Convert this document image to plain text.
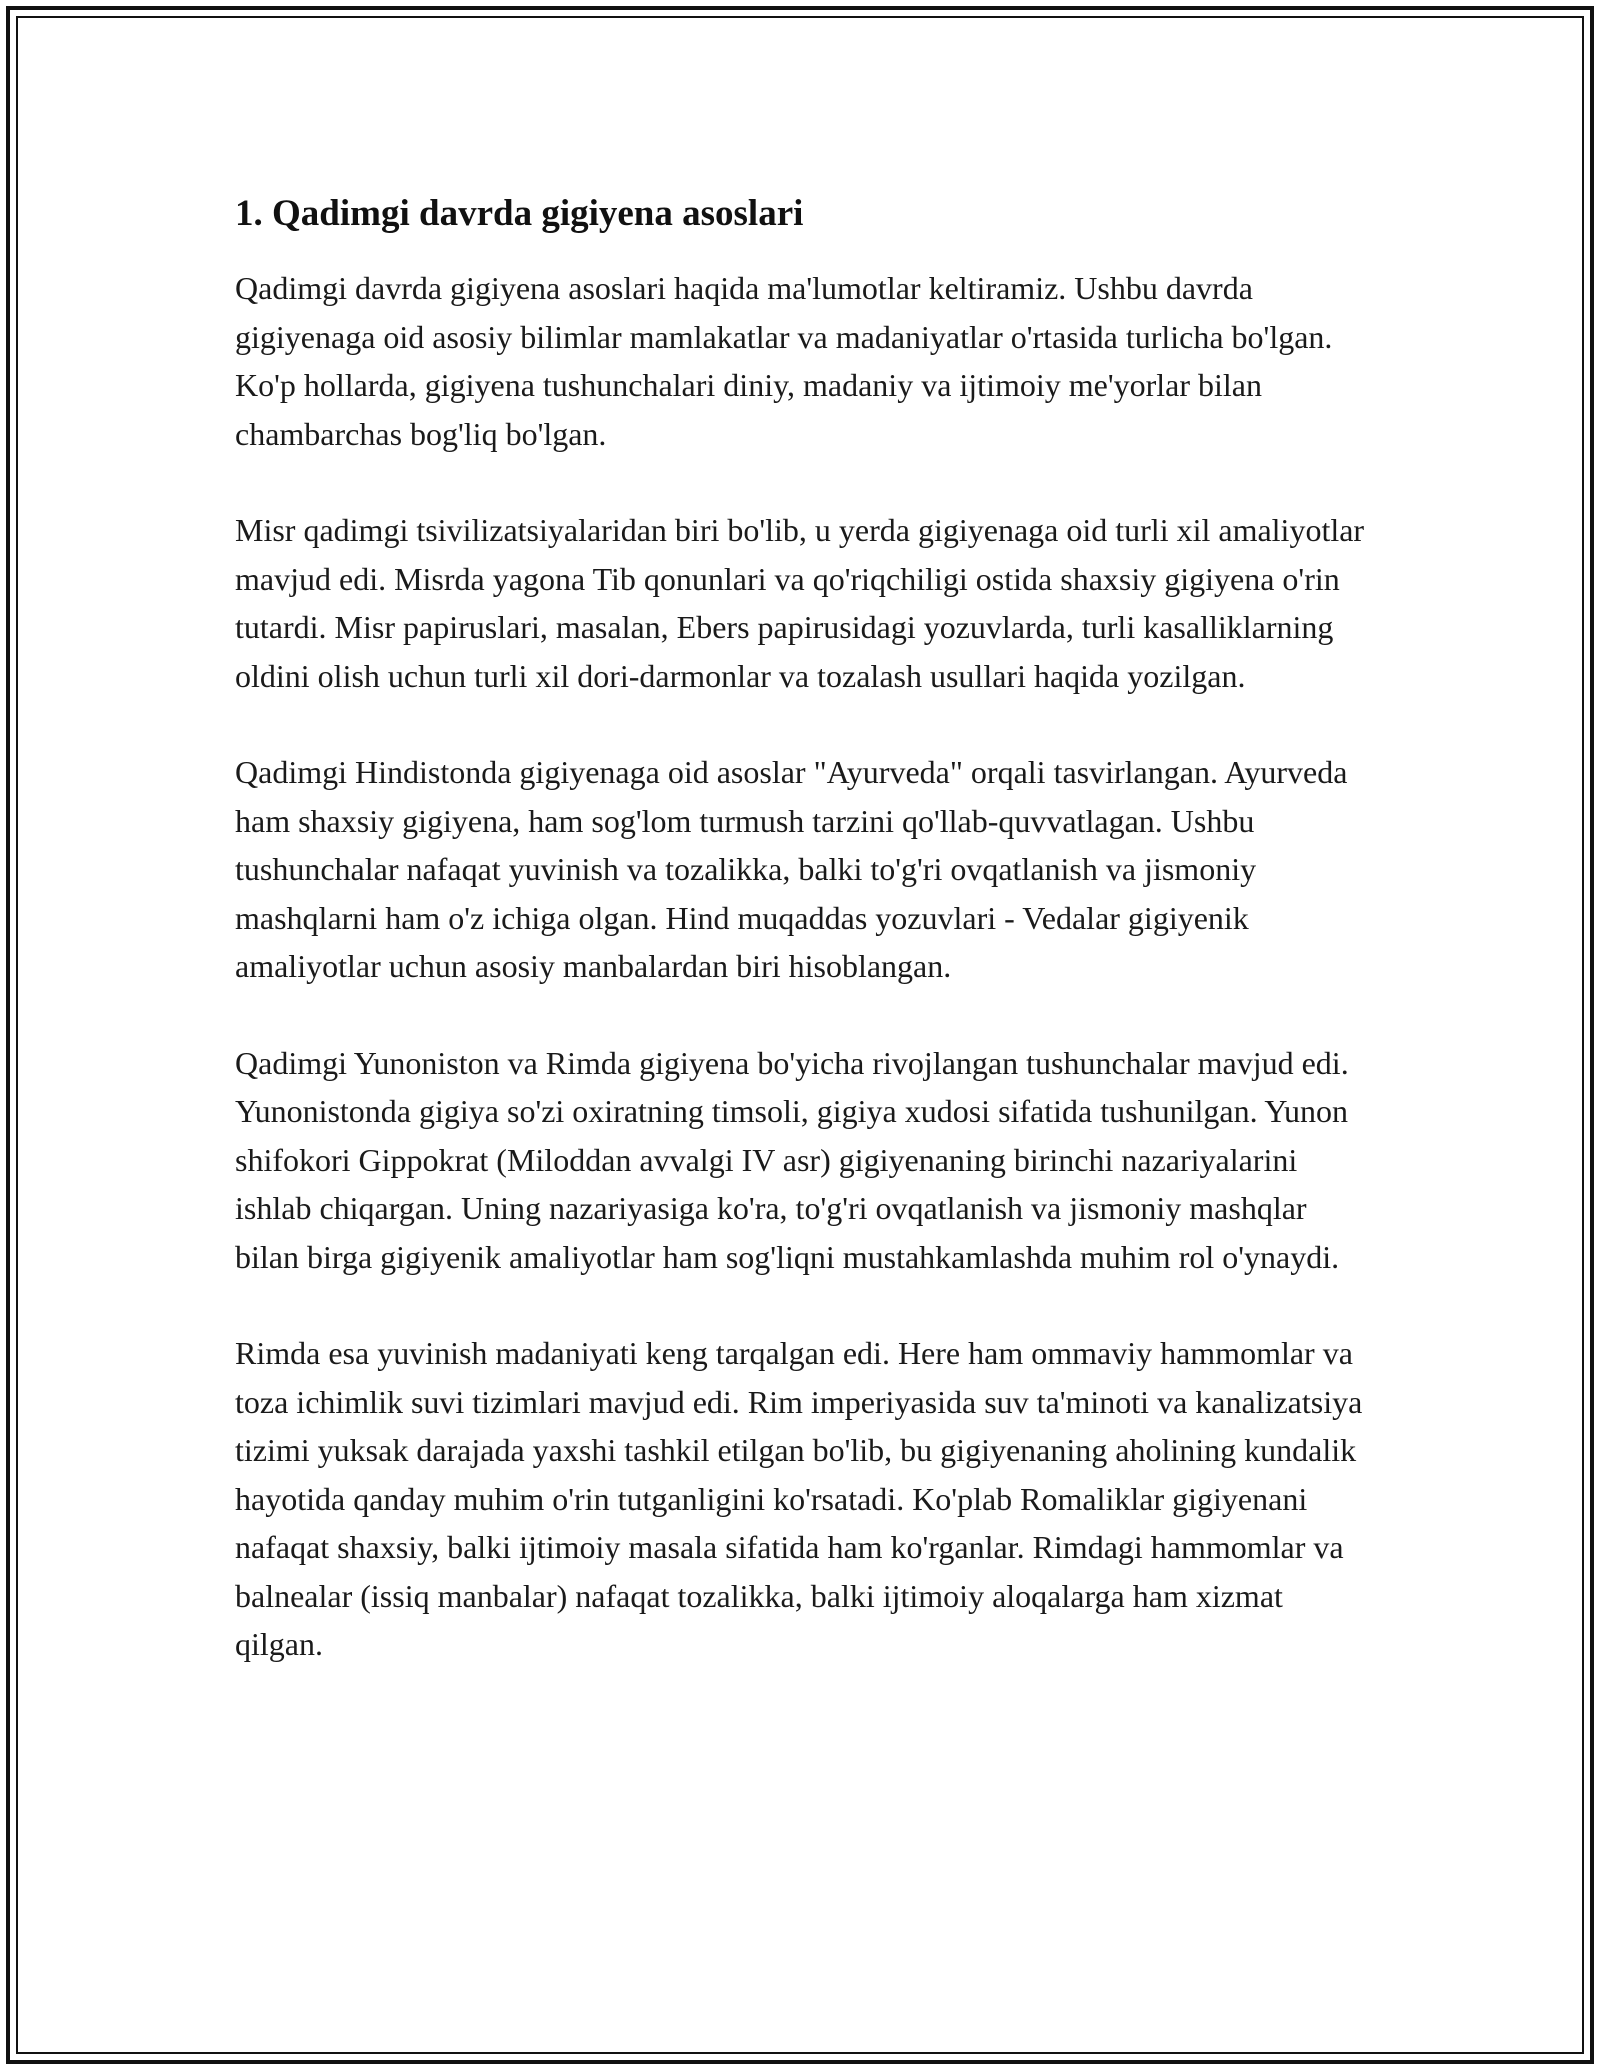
1. Qadimgi davrda gigiyena asoslari

Qadimgi davrda gigiyena asoslari haqida ma'lumotlar keltiramiz. Ushbu davrda gigiyenaga oid asosiy bilimlar mamlakatlar va madaniyatlar o'rtasida turlicha bo'lgan. Ko'p hollarda, gigiyena tushunchalari diniy, madaniy va ijtimoiy me'yorlar bilan chambarchas bog'liq bo'lgan.

Misr qadimgi tsivilizatsiyalaridan biri bo'lib, u yerda gigiyenaga oid turli xil amaliyotlar mavjud edi. Misrda yagona Tib qonunlari va qo'riqchiligi ostida shaxsiy gigiyena o'rin tutardi. Misr papiruslari, masalan, Ebers papirusidagi yozuvlarda, turli kasalliklarning oldini olish uchun turli xil dori-darmonlar va tozalash usullari haqida yozilgan.

Qadimgi Hindistonda gigiyenaga oid asoslar "Ayurveda" orqali tasvirlangan. Ayurveda ham shaxsiy gigiyena, ham sog'lom turmush tarzini qo'llab-quvvatlagan. Ushbu tushunchalar nafaqat yuvinish va tozalikka, balki to'g'ri ovqatlanish va jismoniy mashqlarni ham o'z ichiga olgan. Hind muqaddas yozuvlari - Vedalar gigiyenik amaliyotlar uchun asosiy manbalardan biri hisoblangan.

Qadimgi Yunoniston va Rimda gigiyena bo'yicha rivojlangan tushunchalar mavjud edi. Yunonistonda gigiya so'zi oxiratning timsoli, gigiya xudosi sifatida tushunilgan. Yunon shifokori Gippokrat (Miloddan avvalgi IV asr) gigiyenaning birinchi nazariyalarini ishlab chiqargan. Uning nazariyasiga ko'ra, to'g'ri ovqatlanish va jismoniy mashqlar bilan birga gigiyenik amaliyotlar ham sog'liqni mustahkamlashda muhim rol o'ynaydi.

Rimda esa yuvinish madaniyati keng tarqalgan edi. Here ham ommaviy hammomlar va toza ichimlik suvi tizimlari mavjud edi. Rim imperiyasida suv ta'minoti va kanalizatsiya tizimi yuksak darajada yaxshi tashkil etilgan bo'lib, bu gigiyenaning aholining kundalik hayotida qanday muhim o'rin tutganligini ko'rsatadi. Ko'plab Romaliklar gigiyenani nafaqat shaxsiy, balki ijtimoiy masala sifatida ham ko'rganlar. Rimdagi hammomlar va balnealar (issiq manbalar) nafaqat tozalikka, balki ijtimoiy aloqalarga ham xizmat qilgan.
